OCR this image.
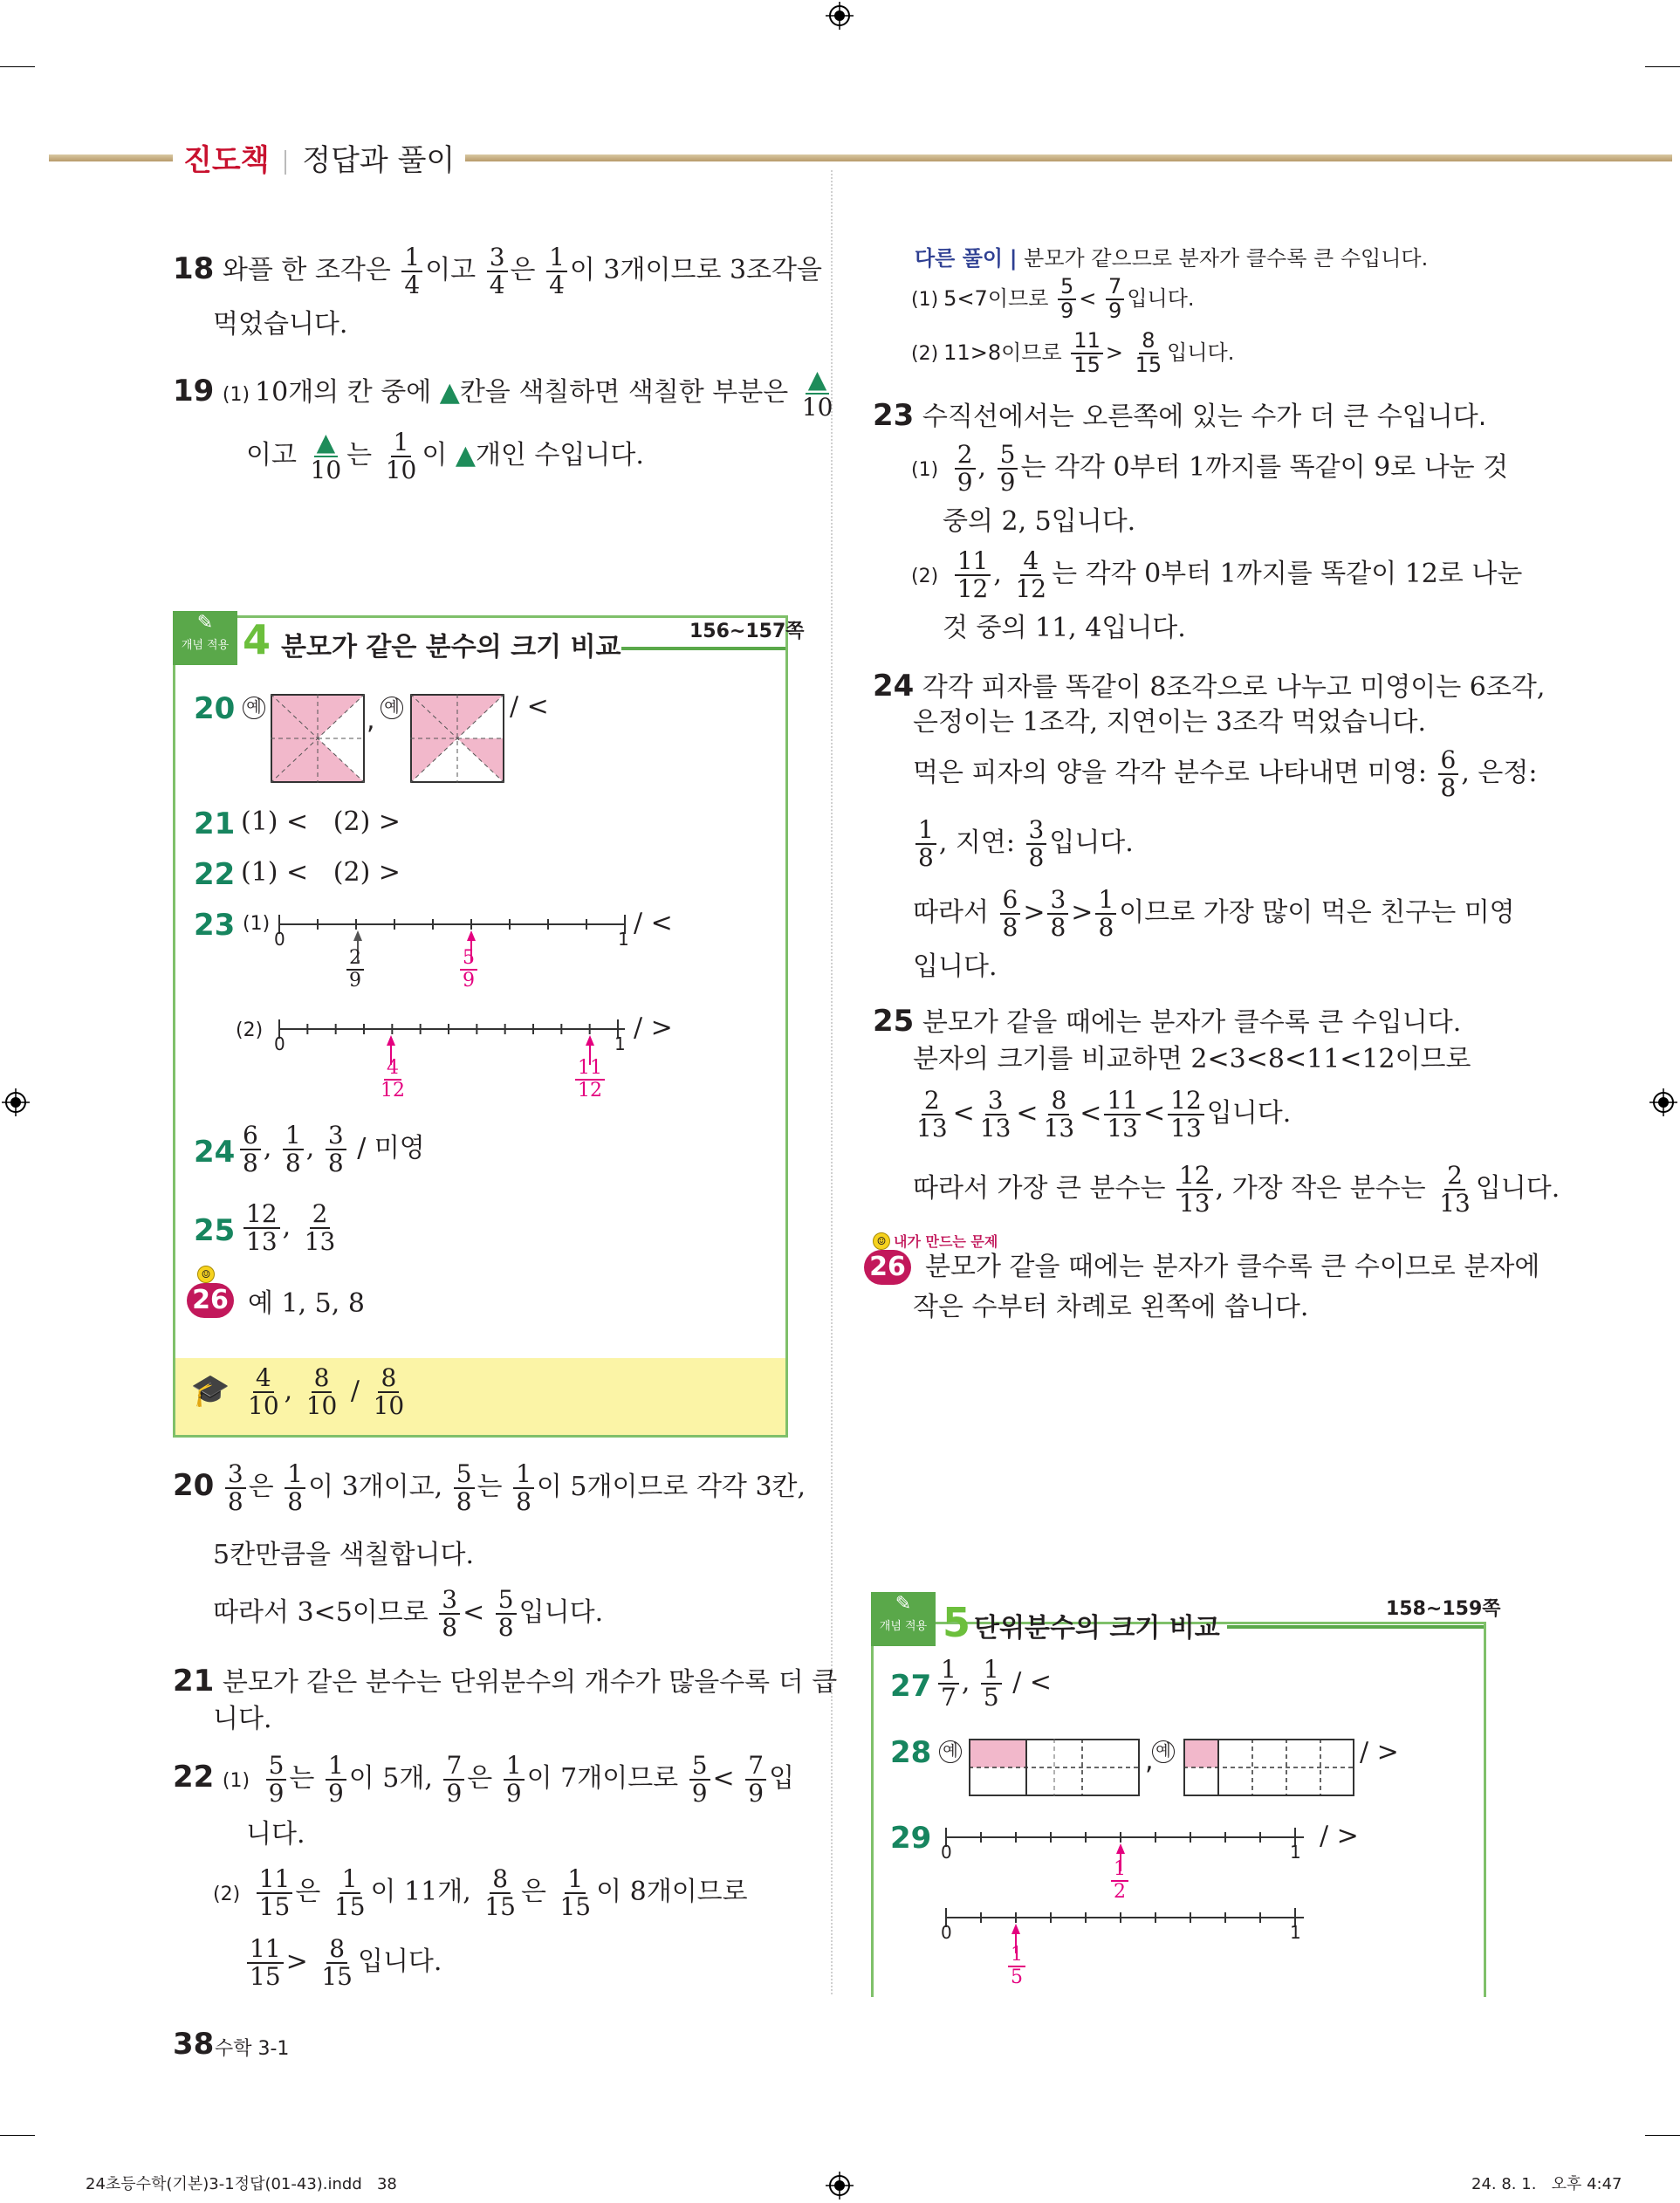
진도책 정답과 풀이
18 와플 한 조각은 $\frac{1}{4}$ 이고 $\frac{3}{4}$ 은 $\frac{1}{4}$ 이 3개이므로 3조각을
먹었습니다.
19 (1) 10개의 칸 중에 ▲칸을 색칠하면 색칠한 부분은 $\frac{▲}{10}$
이고 $\frac{▲}{10}$ 는 $\frac{1}{10}$ 이 ▲개인 수입니다.
✎
개념 적용 4 분모가 같은 분수의 크기 비교
156~157쪽
20 예	, 예	/ <
21 (1) <   (2) >
22 (1) <   (2) >
23 (1)
0	1
$\frac{2}{9}$	$\frac{5}{9}$
/ <
(2)
0	1
$\frac{4}{12}$	$\frac{11}{12}$
/ >
$24 \frac{6}{8}$ , $\frac{1}{8}$ , $\frac{3}{8}$ / 미영
$25 \frac{12}{13}$ , $\frac{2}{13}$
☺
26 예 1, 5, 8
🎓 $\frac{4}{10}$ , $\frac{8}{10} / \frac{8}{10}$
$20 \frac{3}{8}$ 은 $\frac{1}{8}$ 이 3개이고, $\frac{5}{8}$ 는 $\frac{1}{8}$ 이 5개이므로 각각 3칸,
5칸만큼을 색칠합니다.
따라서 3<5이므로 $\frac{3}{8} < \frac{5}{8}$ 입니다.
21 분모가 같은 분수는 단위분수의 개수가 많을수록 더 큽
니다.
22 $(1) \frac{5}{9}$ 는 $\frac{1}{9}$ 이 5개, $\frac{7}{9}$ 은 $\frac{1}{9}$ 이 7개이므로 $\frac{5}{9} < \frac{7}{9}$ 입
니다.
$(2) \frac{11}{15}$ 은 $\frac{1}{15}$ 이 11개, $\frac{8}{15}$ 은 $\frac{1}{15}$ 이 8개이므로
$\frac{11}{15} > \frac{8}{15}$ 입니다.
38 수학 3-1
24초등수학(기본)3-1정답(01-43).indd   38	24. 8. 1.   오후 4:47
다른 풀이 | 분모가 같으므로 분자가 클수록 큰 수입니다.
(1) 5<7이므로 $\frac{5}{9} < \frac{7}{9}$ 입니다.
(2) 11>8이므로 $\frac{11}{15} > \frac{8}{15}$ 입니다.
23 수직선에서는 오른쪽에 있는 수가 더 큰 수입니다.
$(1) \frac{2}{9}$ , $\frac{5}{9}$ 는 각각 0부터 1까지를 똑같이 9로 나눈 것
중의 2, 5입니다.
$(2) \frac{11}{12}$ , $\frac{4}{12}$ 는 각각 0부터 1까지를 똑같이 12로 나눈
것 중의 11, 4입니다.
24 각각 피자를 똑같이 8조각으로 나누고 미영이는 6조각,
은정이는 1조각, 지연이는 3조각 먹었습니다.
먹은 피자의 양을 각각 분수로 나타내면 미영: $\frac{6}{8}$ , 은정:
$\frac{1}{8}$ , 지연: $\frac{3}{8}$ 입니다.
따라서 $\frac{6}{8} > \frac{3}{8} > \frac{1}{8}$ 이므로 가장 많이 먹은 친구는 미영
입니다.
25 분모가 같을 때에는 분자가 클수록 큰 수입니다.
분자의 크기를 비교하면 2<3<8<11<12이므로
$\frac{2}{13} < \frac{3}{13} < \frac{8}{13} < \frac{11}{13} < \frac{12}{13}$ 입니다.
따라서 가장 큰 분수는 $\frac{12}{13}$ , 가장 작은 분수는 $\frac{2}{13}$ 입니다.
☺ 내가 만드는 문제
26 분모가 같을 때에는 분자가 클수록 큰 수이므로 분자에
작은 수부터 차례로 왼쪽에 씁니다.
✎
개념 적용 5 단위분수의 크기 비교
158~159쪽
$27 \frac{1}{7}$ , $\frac{1}{5}$ / <
28 예	, 예	/ >
29 0	1
$\frac{1}{2}$
/ >
0	1
$\frac{1}{5}$
